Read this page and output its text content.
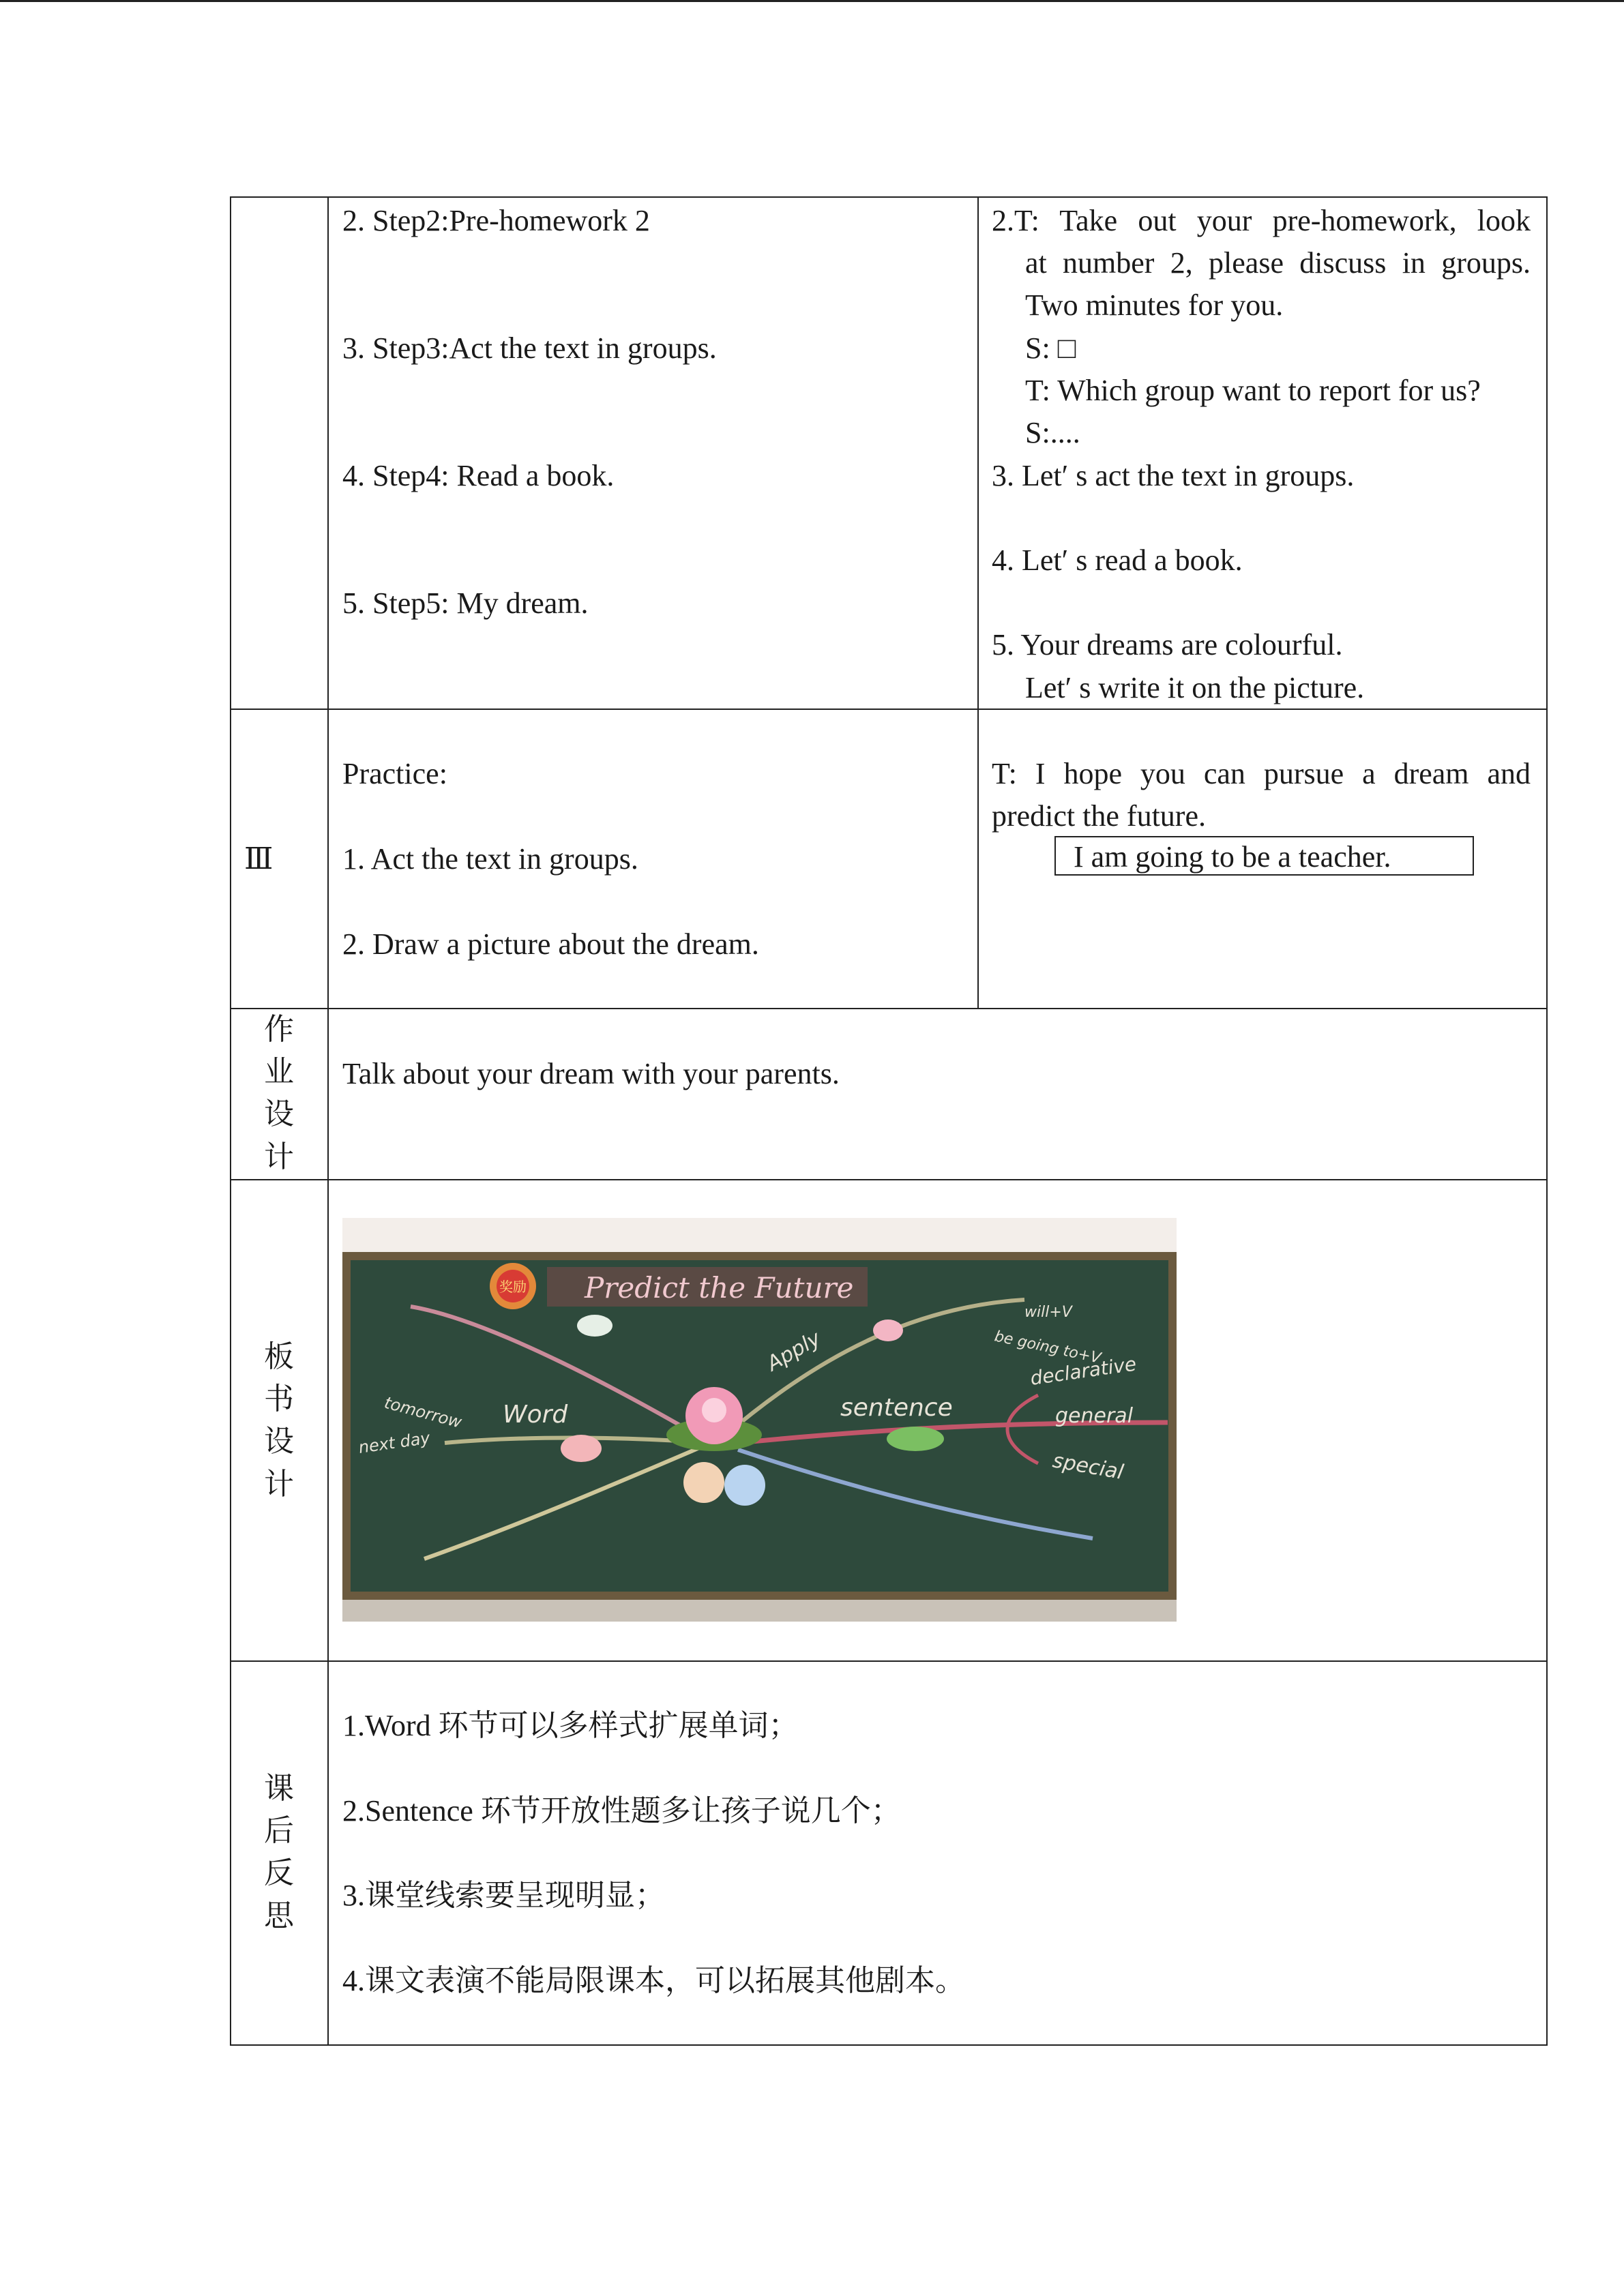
2. Step2:Pre-homework 2
3. Step3:Act the text in groups.
4. Step4: Read a book.
5. Step5: My dream.
2.T: Take out your pre-homework, look
at number 2, please discuss in groups.
Two minutes for you.
S: □
T: Which group want to report for us?
S:....
3. Let′ s act the text in groups.
4. Let′ s read a book.
5. Your dreams are colourful.
Let′ s write it on the picture.
Ⅲ
Practice:
1. Act the text in groups.
2. Draw a picture about the dream.
T: I hope you can pursue a dream and
predict the future.
I am going to be a teacher.
作
业
设
计
Talk about your dream with your parents.
板
书
设
计
奖励 Predict the Future
Word	sentence
Apply
will+V
be going to+V
declarative
general
special
tomorrow
next day
课
后
反
思
1.Word 环节可以多样式扩展单词；
2.Sentence 环节开放性题多让孩子说几个；
3.课堂线索要呈现明显；
4.课文表演不能局限课本，可以拓展其他剧本。
